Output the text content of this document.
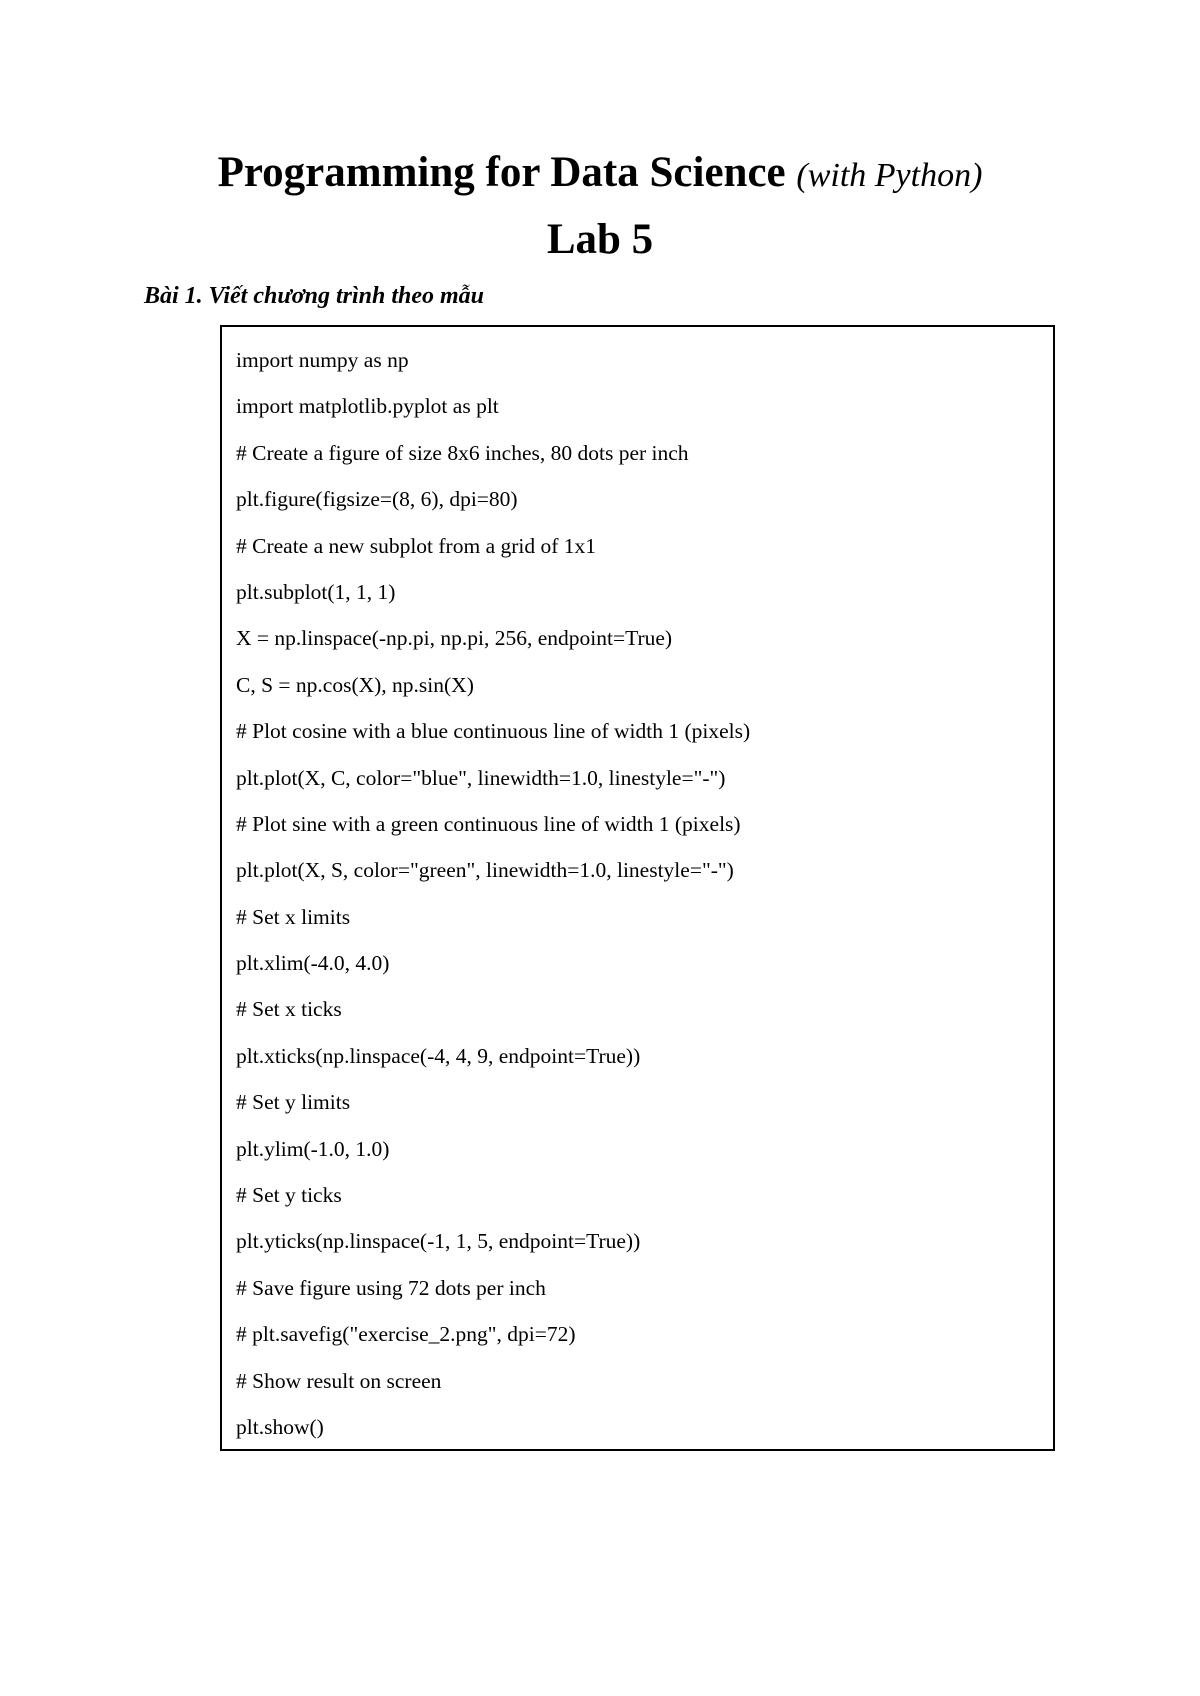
Programming for Data Science (with Python)
Lab 5
Bài 1. Viết chương trình theo mẫu
import numpy as np
import matplotlib.pyplot as plt
# Create a figure of size 8x6 inches, 80 dots per inch
plt.figure(figsize=(8, 6), dpi=80)
# Create a new subplot from a grid of 1x1
plt.subplot(1, 1, 1)
X = np.linspace(-np.pi, np.pi, 256, endpoint=True)
C, S = np.cos(X), np.sin(X)
# Plot cosine with a blue continuous line of width 1 (pixels)
plt.plot(X, C, color="blue", linewidth=1.0, linestyle="-")
# Plot sine with a green continuous line of width 1 (pixels)
plt.plot(X, S, color="green", linewidth=1.0, linestyle="-")
# Set x limits
plt.xlim(-4.0, 4.0)
# Set x ticks
plt.xticks(np.linspace(-4, 4, 9, endpoint=True))
# Set y limits
plt.ylim(-1.0, 1.0)
# Set y ticks
plt.yticks(np.linspace(-1, 1, 5, endpoint=True))
# Save figure using 72 dots per inch
# plt.savefig("exercise_2.png", dpi=72)
# Show result on screen
plt.show()
